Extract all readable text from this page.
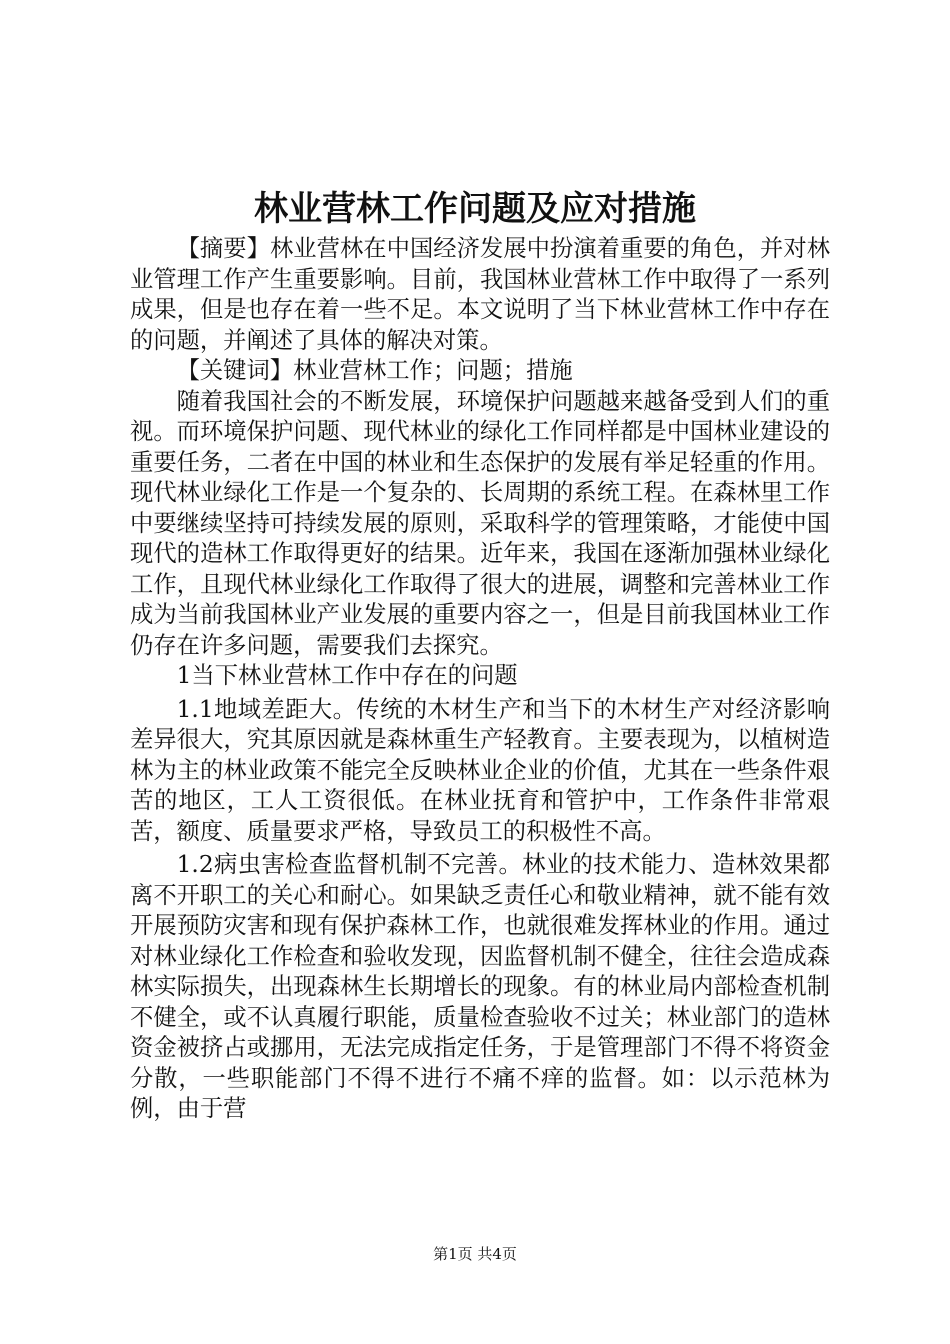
林业营林工作问题及应对措施

【摘要】林业营林在中国经济发展中扮演着重要的角色，并对林业管理工作产生重要影响。目前，我国林业营林工作中取得了一系列成果，但是也存在着一些不足。本文说明了当下林业营林工作中存在的问题，并阐述了具体的解决对策。

【关键词】林业营林工作；问题；措施

随着我国社会的不断发展，环境保护问题越来越备受到人们的重视。而环境保护问题、现代林业的绿化工作同样都是中国林业建设的重要任务，二者在中国的林业和生态保护的发展有举足轻重的作用。现代林业绿化工作是一个复杂的、长周期的系统工程。在森林里工作中要继续坚持可持续发展的原则，采取科学的管理策略，才能使中国现代的造林工作取得更好的结果。近年来，我国在逐渐加强林业绿化工作，且现代林业绿化工作取得了很大的进展，调整和完善林业工作成为当前我国林业产业发展的重要内容之一，但是目前我国林业工作仍存在许多问题，需要我们去探究。

1当下林业营林工作中存在的问题

1.1地域差距大。传统的木材生产和当下的木材生产对经济影响差异很大，究其原因就是森林重生产轻教育。主要表现为，以植树造林为主的林业政策不能完全反映林业企业的价值，尤其在一些条件艰苦的地区，工人工资很低。在林业抚育和管护中，工作条件非常艰苦，额度、质量要求严格，导致员工的积极性不高。

1.2病虫害检查监督机制不完善。林业的技术能力、造林效果都离不开职工的关心和耐心。如果缺乏责任心和敬业精神，就不能有效开展预防灾害和现有保护森林工作，也就很难发挥林业的作用。通过对林业绿化工作检查和验收发现，因监督机制不健全，往往会造成森林实际损失，出现森林生长期增长的现象。有的林业局内部检查机制不健全，或不认真履行职能，质量检查验收不过关；林业部门的造林资金被挤占或挪用，无法完成指定任务，于是管理部门不得不将资金分散，一些职能部门不得不进行不痛不痒的监督。如：以示范林为例，由于营

第1页 共4页
